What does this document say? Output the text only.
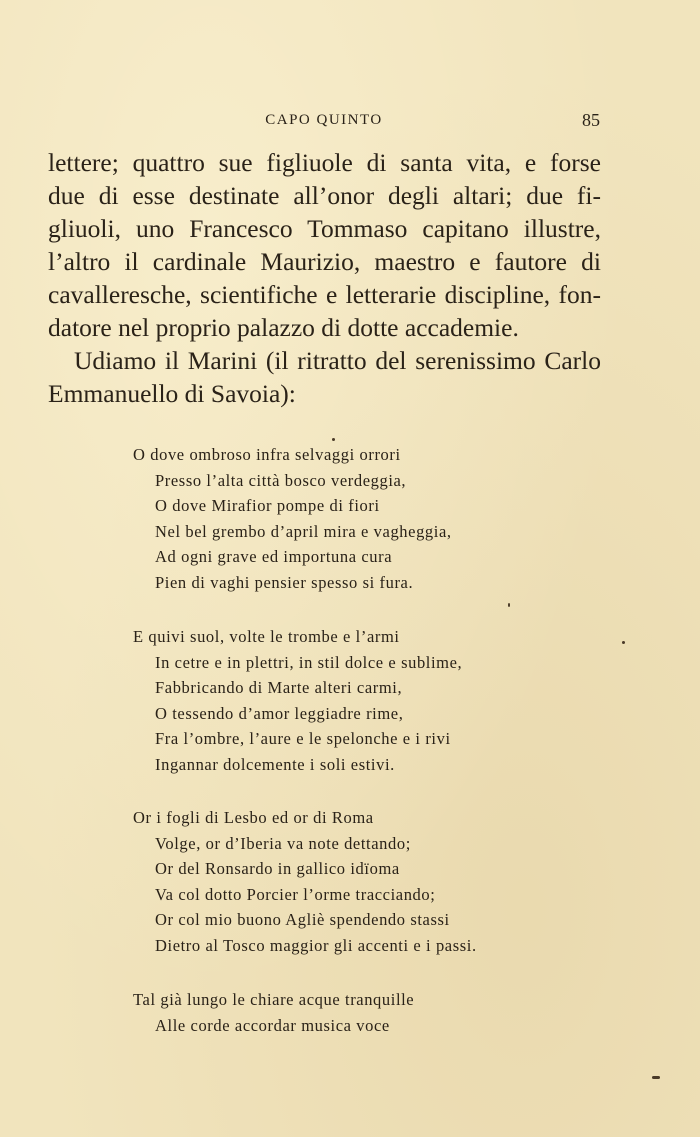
CAPO QUINTO	85
lettere; quattro sue figliuole di santa vita, e forse
due di esse destinate all’onor degli altari; due fi-
gliuoli, uno Francesco Tommaso capitano illustre,
l’altro il cardinale Maurizio, maestro e fautore di
cavalleresche, scientifiche e letterarie discipline, fon-
datore nel proprio palazzo di dotte accademie.
Udiamo il Marini (il ritratto del serenissimo Carlo
Emmanuello di Savoia):
O dove ombroso infra selvaggi orrori
Presso l’alta città bosco verdeggia,
O dove Mirafior pompe di fiori
Nel bel grembo d’april mira e vagheggia,
Ad ogni grave ed importuna cura
Pien di vaghi pensier spesso si fura.
E quivi suol, volte le trombe e l’armi
In cetre e in plettri, in stil dolce e sublime,
Fabbricando di Marte alteri carmi,
O tessendo d’amor leggiadre rime,
Fra l’ombre, l’aure e le spelonche e i rivi
Ingannar dolcemente i soli estivi.
Or i fogli di Lesbo ed or di Roma
Volge, or d’Iberia va note dettando;
Or del Ronsardo in gallico idïoma
Va col dotto Porcier l’orme tracciando;
Or col mio buono Agliè spendendo stassi
Dietro al Tosco maggior gli accenti e i passi.
Tal già lungo le chiare acque tranquille
Alle corde accordar musica voce
